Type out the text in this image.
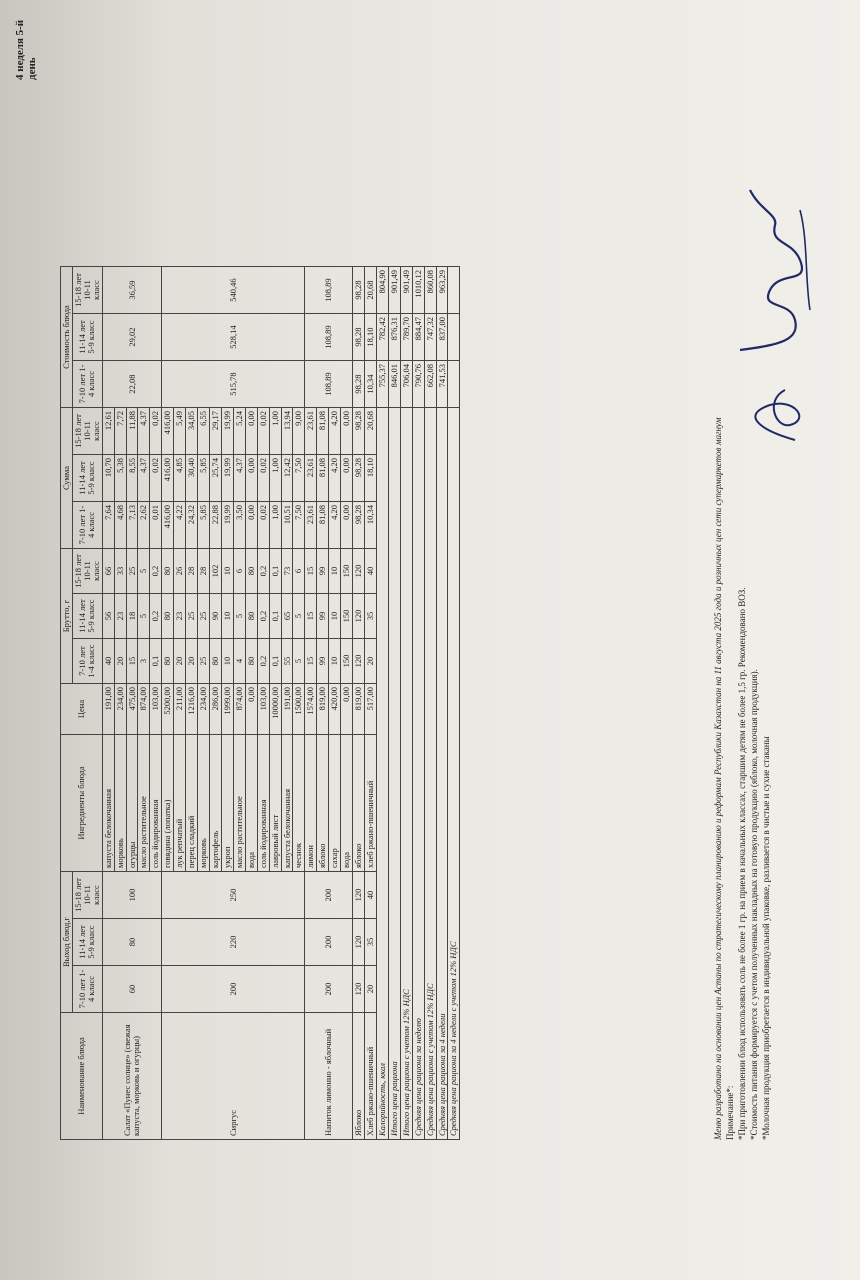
4 неделя 5-й день
Наименование блюда	Выход блюд,г			Ингредиенты блюда	Цена	Брутто, г			Сумма			Стоимость блюда		
	7-10 лет 1-4 класс	11-14 лет 5-9 класс	15-18 лет 10-11 класс			7-10 лет 1-4 класс	11-14 лет 5-9 класс	15-18 лет 10-11 класс	7-10 лет 1-4 класс	11-14 лет 5-9 класс	15-18 лет 10-11 класс	7-10 лет 1-4 класс	11-14 лет 5-9 класс	15-18 лет 10-11 класс
Салат «Пунес солнце» (свежая капуста, морковь и огурцы)	60	80	100	капуста белокочанная	191,00	40	56	66	7,64	10,70	12,61	22,08	29,02	36,59
				морковь	234,00	20	23	33	4,68	5,38	7,72			
				огурцы	475,00	15	18	25	7,13	8,55	11,88			
				масло растительное	874,00	3	5	5	2,62	4,37	4,37			
				соль йодированная	103,00	0,1	0,2	0,2	0,01	0,02	0,02			
Сиргус	200	220	250	говядина (лопатка)	5200,00	80	80	80	416,00	416,00	416,00	515,78	528,14	540,46
				лук репчатый	211,00	20	23	26	4,22	4,85	5,49			
				перец сладкий	1216,00	20	25	28	24,32	30,40	34,05			
				морковь	234,00	25	25	28	5,85	5,85	6,55			
				картофель	286,00	80	90	102	22,88	25,74	29,17			
				укроп	1999,00	10	10	10	19,99	19,99	19,99			
				масло растительное	874,00	4	5	6	3,50	4,37	5,24			
				вода	0,00	80	80	80	0,00	0,00	0,00			
				соль йодированная	103,00	0,2	0,2	0,2	0,02	0,02	0,02			
				лавровый лист	10000,00	0,1	0,1	0,1	1,00	1,00	1,00			
				капуста белокочанная	191,00	55	65	73	10,51	12,42	13,94			
				чеснок	1500,00	5	5	6	7,50	7,50	9,00			
Напиток лимонно - яблочный	200	200	200	лимон	1574,00	15	15	15	23,61	23,61	23,61	108,89	108,89	108,89
				яблоко	819,00	99	99	99	81,08	81,08	81,08			
				сахар	420,00	10	10	10	4,20	4,20	4,20			
				вода	0,00	150	150	150	0,00	0,00	0,00			
Яблоко	120	120	120	яблоко	819,00	120	120	120	98,28	98,28	98,28	98,28	98,28	98,28
Хлеб ржано-пшеничный	20	35	40	хлеб ржано-пшеничный	517,00	20	35	40	10,34	18,10	20,68	10,34	18,10	20,68
Калорийность, ккал												755,37	782,42	804,90
Итого цена рациона												846,01	876,31	901,49
Итого цена рациона с учетом 12% НДС												706,04	789,70	901,49
Средняя цена рациона за неделю												790,76	884,47	1010,12
Средняя цена рациона с учетом 12% НДС												662,08	747,32	860,08
Средняя цена рациона за 4 недели												741,53	837,00	963,29
Средняя цена рациона за 4 недели с учетом 12% НДС															Меню разработано на основании цен Астаны по стратегическому планированию и реформам Республики Казахстан на 11 августа 2025 года и розничных цен сети супермаркетов магнум Примечание*: *При приготовлении блюд использовать соль не более 1 гр. на прием в начальных классах, старшим детям не более 1,5 гр. Рекомендовано ВОЗ. *Стоимость питания формируется с учетом полученных накладных на готовую продукцию (яблоко, молочная продукция). *Молочная продукция приобретается в индивидуальной упаковке, разливается в чистые и сухие стаканы
